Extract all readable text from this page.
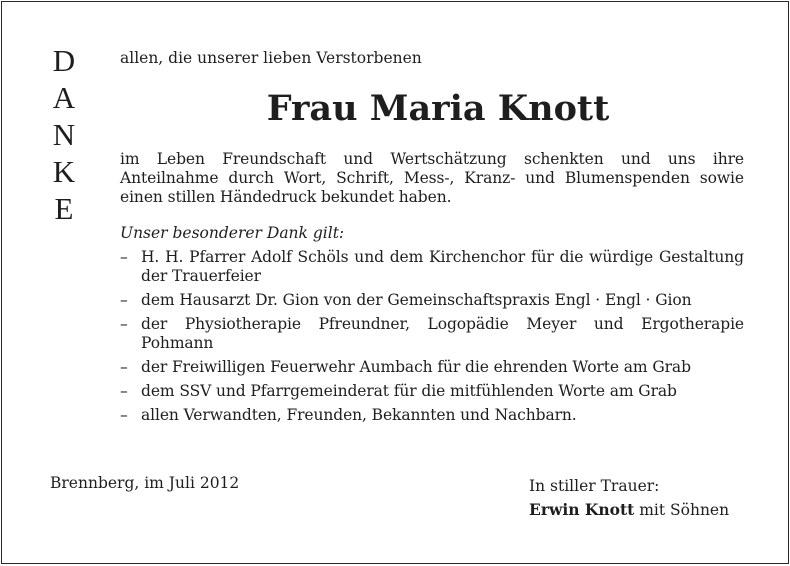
D
A
N
K
E

allen, die unserer lieben Verstorbenen

Frau Maria Knott

im Leben Freundschaft und Wertschätzung schenkten und uns ihre Anteilnahme durch Wort, Schrift, Mess-, Kranz- und Blumenspenden sowie einen stillen Händedruck bekundet haben.

Unser besonderer Dank gilt:

– H. H. Pfarrer Adolf Schöls und dem Kirchenchor für die würdige Gestaltung der Trauerfeier
– dem Hausarzt Dr. Gion von der Gemeinschaftspraxis Engl · Engl · Gion
– der Physiotherapie Pfreundner, Logopädie Meyer und Ergotherapie Pohmann
– der Freiwilligen Feuerwehr Aumbach für die ehrenden Worte am Grab
– dem SSV und Pfarrgemeinderat für die mitfühlenden Worte am Grab
– allen Verwandten, Freunden, Bekannten und Nachbarn.
Brennberg, im Juli 2012	In stiller Trauer:
Erwin Knott mit Söhnen
